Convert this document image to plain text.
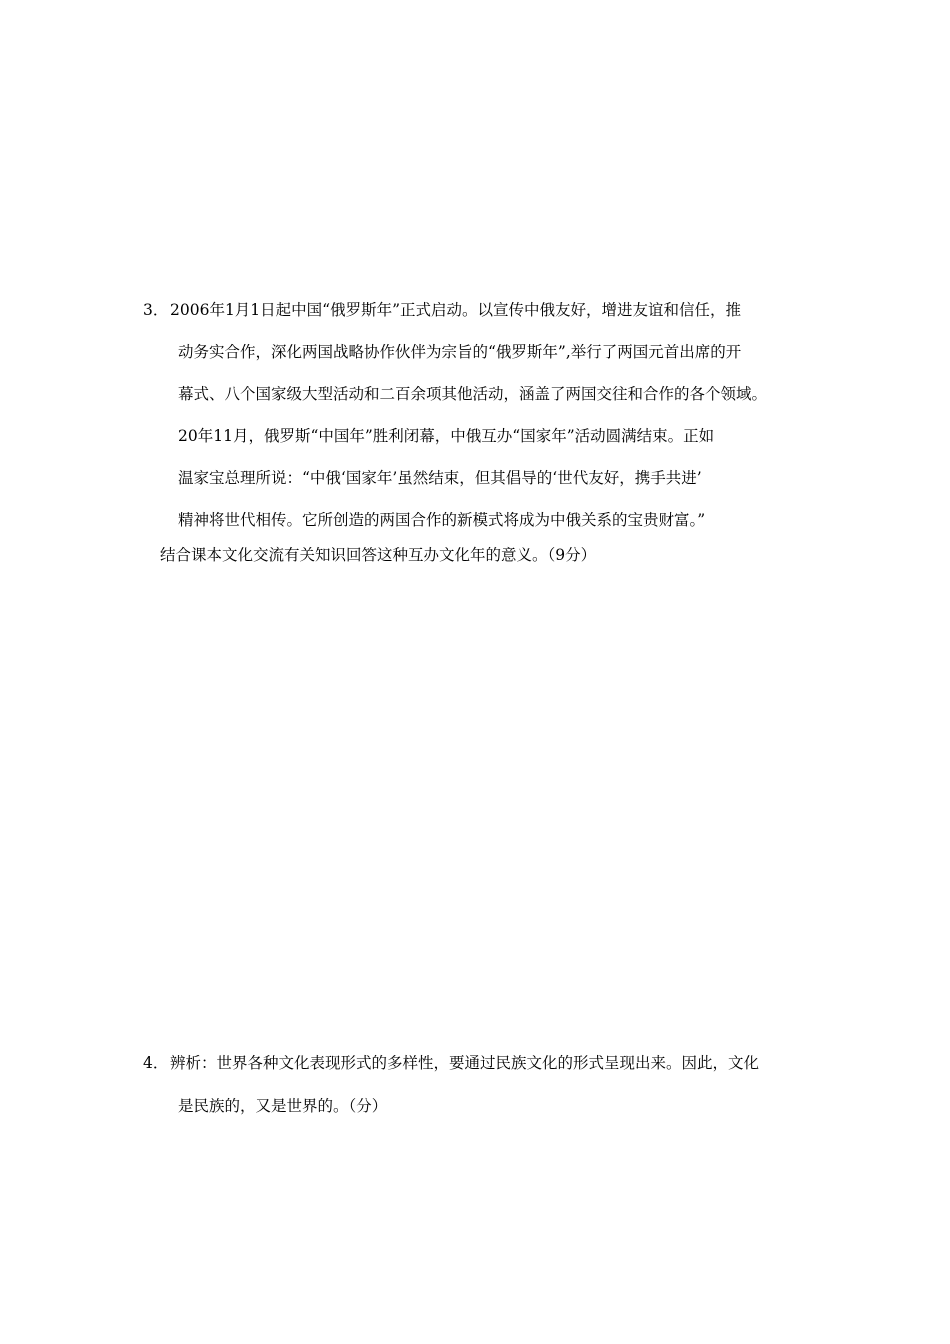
3． 2006年1月1日起中国“俄罗斯年”正式启动。以宣传中俄友好，增进友谊和信任，推
动务实合作，深化两国战略协作伙伴为宗旨的“俄罗斯年”,举行了两国元首出席的开
幕式、八个国家级大型活动和二百余项其他活动，涵盖了两国交往和合作的各个领域。
20年11月，俄罗斯“中国年”胜利闭幕，中俄互办“国家年”活动圆满结束。正如
温家宝总理所说：“中俄‘国家年’虽然结束，但其倡导的‘世代友好，携手共进’
精神将世代相传。它所创造的两国合作的新模式将成为中俄关系的宝贵财富。”
结合课本文化交流有关知识回答这种互办文化年的意义。（9分）
4． 辨析：世界各种文化表现形式的多样性，要通过民族文化的形式呈现出来。因此，文化
是民族的，又是世界的。（分）
